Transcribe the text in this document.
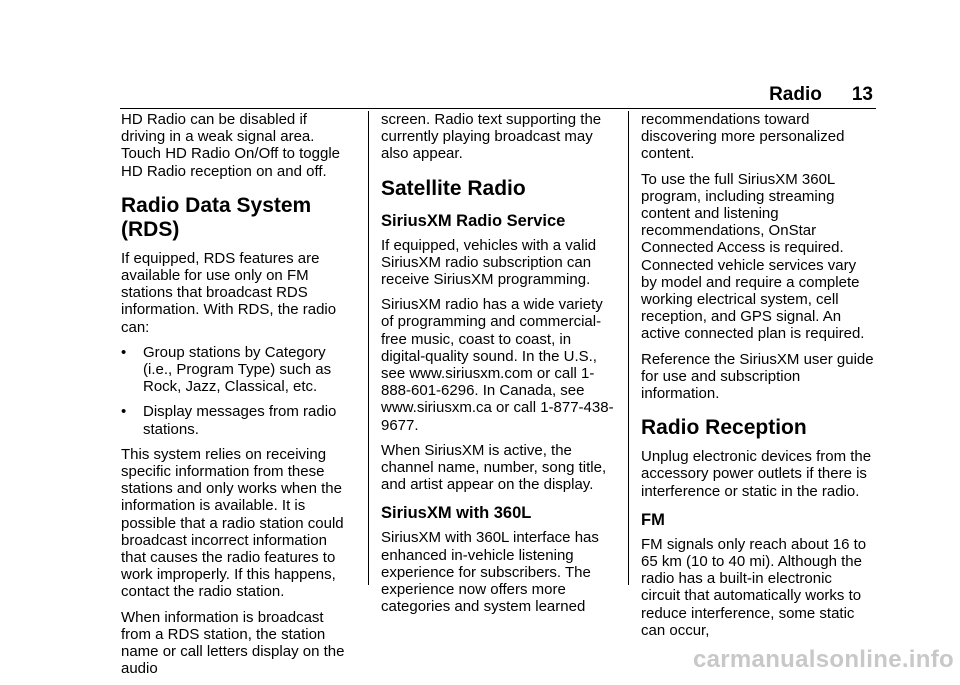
Radio 13

HD Radio can be disabled if driving in a weak signal area. Touch HD Radio On/Off to toggle HD Radio reception on and off.

Radio Data System (RDS)

If equipped, RDS features are available for use only on FM stations that broadcast RDS information. With RDS, the radio can:

•	Group stations by Category (i.e., Program Type) such as Rock, Jazz, Classical, etc.
•	Display messages from radio stations.

This system relies on receiving specific information from these stations and only works when the information is available. It is possible that a radio station could broadcast incorrect information that causes the radio features to work improperly. If this happens, contact the radio station.

When information is broadcast from a RDS station, the station name or call letters display on the audio

screen. Radio text supporting the currently playing broadcast may also appear.

Satellite Radio
SiriusXM Radio Service

If equipped, vehicles with a valid SiriusXM radio subscription can receive SiriusXM programming.

SiriusXM radio has a wide variety of programming and commercial-free music, coast to coast, in digital-quality sound. In the U.S., see www.siriusxm.com or call 1-888-601-6296. In Canada, see www.siriusxm.ca or call 1-877-438-9677.

When SiriusXM is active, the channel name, number, song title, and artist appear on the display.

SiriusXM with 360L

SiriusXM with 360L interface has enhanced in-vehicle listening experience for subscribers. The experience now offers more categories and system learned

recommendations toward discovering more personalized content.

To use the full SiriusXM 360L program, including streaming content and listening recommendations, OnStar Connected Access is required. Connected vehicle services vary by model and require a complete working electrical system, cell reception, and GPS signal. An active connected plan is required.

Reference the SiriusXM user guide for use and subscription information.

Radio Reception

Unplug electronic devices from the accessory power outlets if there is interference or static in the radio.

FM

FM signals only reach about 16 to 65 km (10 to 40 mi). Although the radio has a built-in electronic circuit that automatically works to reduce interference, some static can occur,

carmanualsonline.info
